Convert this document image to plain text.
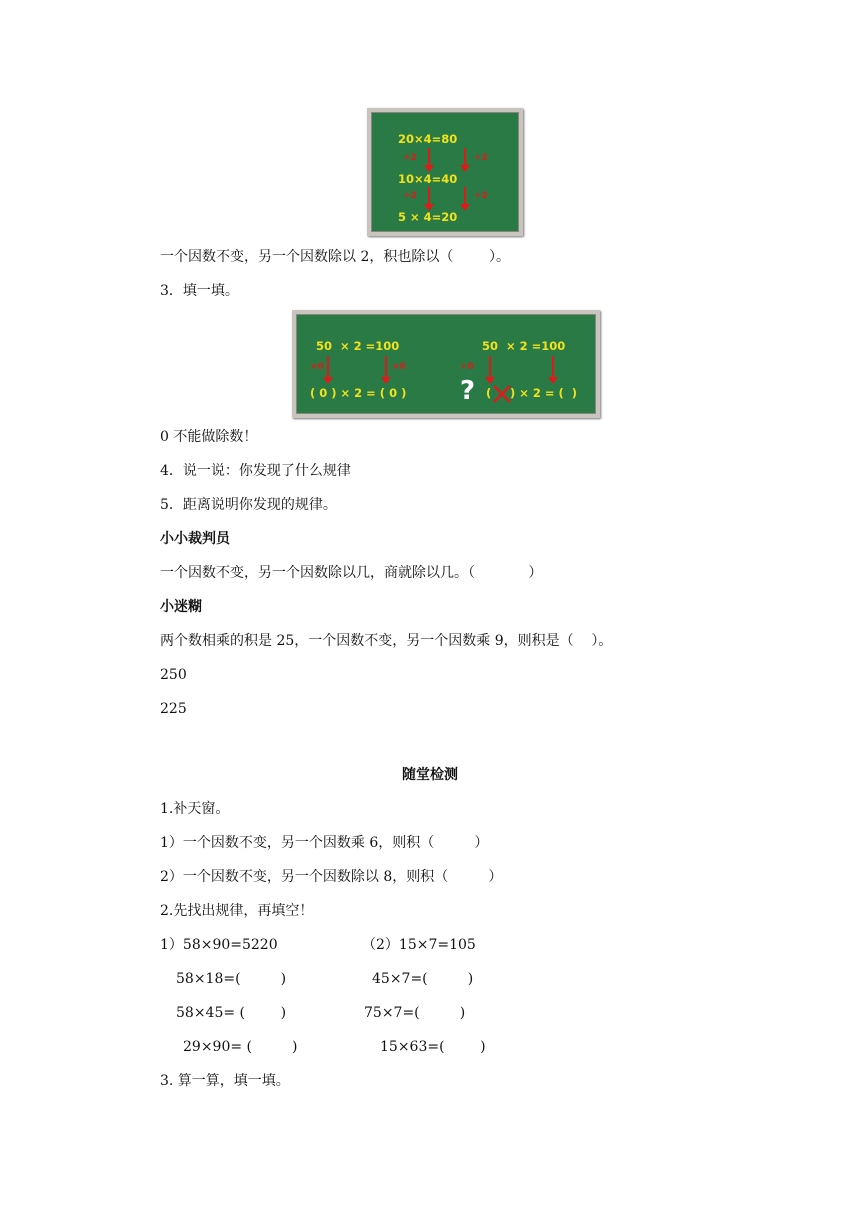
20×4=80
÷2	÷2
10×4=40
÷2	÷2
5 × 4=20
一个因数不变，另一个因数除以 2，积也除以（        ）。
3．填一填。
50  × 2 =100
×0	×0
( 0 ) × 2 = ( 0 )
50  × 2 =100
÷0
? ( ) × 2 = (  )
0 不能做除数！
4．说一说：你发现了什么规律
5．距离说明你发现的规律。
小小裁判员
一个因数不变，另一个因数除以几，商就除以几。（            ）
小迷糊
两个数相乘的积是 25，一个因数不变，另一个因数乘 9，则积是（    ）。
250
225
随堂检测
1.补天窗。
1）一个因数不变，另一个因数乘 6，则积（         ）
2）一个因数不变，另一个因数除以 8，则积（         ）
2.先找出规律，再填空！
1）58×90=5220	（2）15×7=105
58×18=(         )	45×7=(         )
58×45= (        )	75×7=(         )
29×90= (         )	15×63=(        )
3. 算一算，填一填。
